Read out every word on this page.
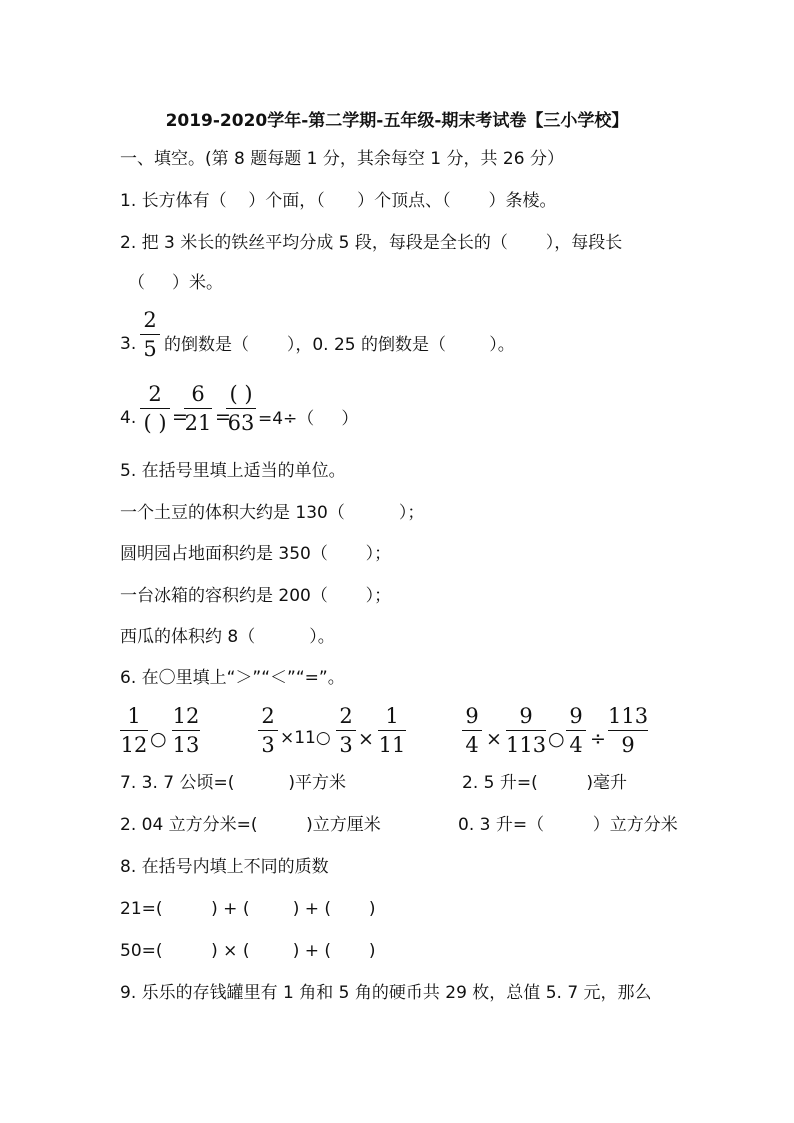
2019-2020学年-第二学期-五年级-期末考试卷【三小学校】
一、填空。(第 8 题每题 1 分，其余每空 1 分，共 26 分）
1. 长方体有（    ）个面，（      ）个顶点、（       ）条棱。
2. 把 3 米长的铁丝平均分成 5 段，每段是全长的（       ），每段长
（     ）米。
3.
2
5 的倒数是（       ），0. 25 的倒数是（        ）。
4.
2
( ) =
6
21 =
( )
63 =4÷（     ）
5. 在括号里填上适当的单位。
一个土豆的体积大约是 130（          ）；
圆明园占地面积约是 350（       ）；
一台冰箱的容积约是 200（       ）；
西瓜的体积约 8（          ）。
6. 在〇里填上“＞”“＜”“=”。
1
12 ○
12
13
2
3 ×11○
2
3 ×
1
11
9
4 ×
9
113 ○
9
4 ÷
113
9
7. 3. 7 公顷=(          )平方米	2. 5 升=(         )毫升
2. 04 立方分米=(         )立方厘米	0. 3 升=（         ）立方分米
8. 在括号内填上不同的质数
21=(         ) + (        ) + (       )
50=(         ) × (        ) + (       )
9. 乐乐的存钱罐里有 1 角和 5 角的硬币共 29 枚，总值 5. 7 元，那么
